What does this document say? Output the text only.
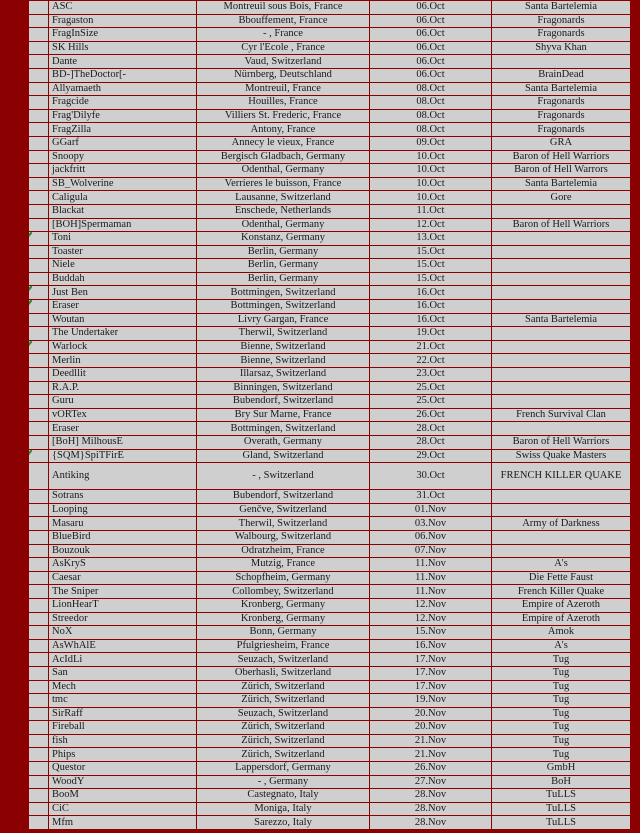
	ASC	Montreuil sous Bois, France	06.Oct	Santa Bartelemia
	Fragaston	Bbouffement, France	06.Oct	Fragonards
	FragInSize	- , France	06.Oct	Fragonards
	SK Hills	Cyr l'Ecole , France	06.Oct	Shyva Khan
	Dante	Vaud, Switzerland	06.Oct	
	BD-]TheDoctor[-	Nürnberg, Deutschland	06.Oct	BrainDead
	Allyamaeth	Montreuil, France	08.Oct	Santa Bartelemia
	Fragcide	Houilles, France	08.Oct	Fragonards
	Frag'Dilyfe	Villiers St. Frederic, France	08.Oct	Fragonards
	FragZilla	Antony, France	08.Oct	Fragonards
	GGarf	Annecy le vieux, France	09.Oct	GRA
	Snoopy	Bergisch Gladbach, Germany	10.Oct	Baron of Hell Warriors
	jackfritt	Odenthal, Germany	10.Oct	Baron of Hell Warrors
	SB_Wolverine	Verrieres le buisson, France	10.Oct	Santa Bartelemia
	Caligula	Lausanne, Switzerland	10.Oct	Gore
	Blackat	Enschede, Netherlands	11.Oct	
	[BOH]Spermaman	Odenthal, Germany	12.Oct	Baron of Hell Warriors

	Toni	Konstanz, Germany	13.Oct	
	Toaster	Berlin, Germany	15.Oct	
	Niele	Berlin, Germany	15.Oct	
	Buddah	Berlin, Germany	15.Oct	

	Just Ben	Bottmingen, Switzerland	16.Oct	

	Eraser	Bottmingen, Switzerland	16.Oct	
	Woutan	Livry Gargan, France	16.Oct	Santa Bartelemia
	The Undertaker	Therwil, Switzerland	19.Oct	

	Warlock	Bienne, Switzerland	21.Oct	
	Merlin	Bienne, Switzerland	22.Oct	
	Deedllit	Illarsaz, Switzerland	23.Oct	
	R.A.P.	Binningen, Switzerland	25.Oct	
	Guru	Bubendorf, Switzerland	25.Oct	
	vORTex	Bry Sur Marne, France	26.Oct	French Survival Clan
	Eraser	Bottmingen, Switzerland	28.Oct	
	[BoH] MilhousE	Overath, Germany	28.Oct	Baron of Hell Warriors

	{SQM}SpiTFirE	Gland, Switzerland	29.Oct	Swiss Quake Masters
	Antiking	- , Switzerland	30.Oct	FRENCH KILLER QUAKE
	Sotrans	Bubendorf, Switzerland	31.Oct	
	Looping	Genčve, Switzerland	01.Nov	
	Masaru	Therwil, Switzerland	03.Nov	Army of Darkness
	BlueBird	Walbourg, Switzerland	06.Nov	
	Bouzouk	Odratzheim, France	07.Nov	
	AsKryS	Mutzig, France	11.Nov	A's
	Caesar	Schopfheim, Germany	11.Nov	Die Fette Faust
	The Sniper	Collombey, Switzerland	11.Nov	French Killer Quake
	LionHearT	Kronberg, Germany	12.Nov	Empire of Azeroth
	Streedor	Kronberg, Germany	12.Nov	Empire of Azeroth
	NoX	Bonn, Germany	15.Nov	Amok
	AsWhAlE	Pfulgriesheim, France	16.Nov	A's
	AcIdLi	Seuzach, Switzerland	17.Nov	Tug
	San	Oberhasli, Switzerland	17.Nov	Tug
	Mech	Zürich, Switzerland	17.Nov	Tug
	tmc	Zürich, Switzerland	19.Nov	Tug
	SirRaff	Seuzach, Switzerland	20.Nov	Tug
	Fireball	Zürich, Switzerland	20.Nov	Tug
	fish	Zürich, Switzerland	21.Nov	Tug
	Phips	Zürich, Switzerland	21.Nov	Tug
	Questor	Lappersdorf, Germany	26.Nov	GmbH
	WoodY	- , Germany	27.Nov	BoH
	BooM	Castegnato, Italy	28.Nov	TuLLS
	CiC	Moniga, Italy	28.Nov	TuLLS
	Mfm	Sarezzo, Italy	28.Nov	TuLLS
